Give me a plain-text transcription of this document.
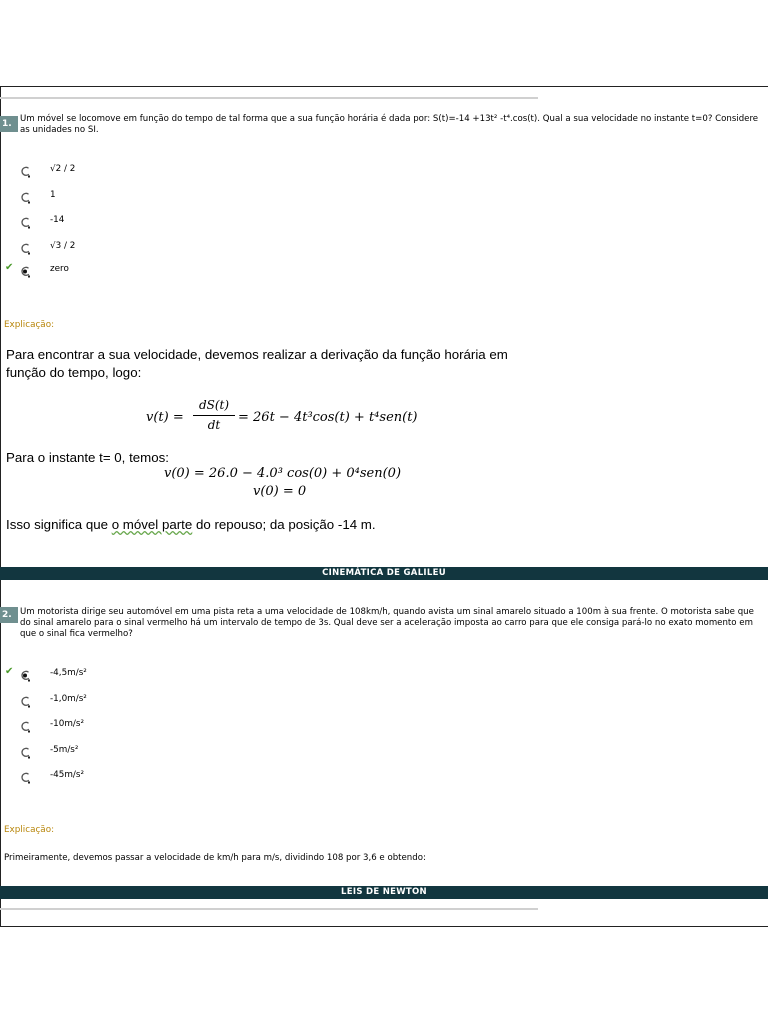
1. Um móvel se locomove em função do tempo de tal forma que a sua função horária é dada por: S(t)=-14 +13t² -t⁴.cos(t). Qual a sua velocidade no instante t=0? Considere as unidades no SI.
√2 / 2
1
-14
√3 / 2
✔	zero
Explicação:
Para encontrar a sua velocidade, devemos realizar a derivação da função horária em
função do tempo, logo:
v(t) =
dS(t)
dt	= 26t − 4t³cos(t) + t⁴sen(t)
Para o instante t= 0, temos:
v(0) = 26.0 − 4.0³ cos(0) + 0⁴sen(0)
v(0) = 0
Isso significa que o móvel parte do repouso; da posição -14 m.
CINEMÁTICA DE GALILEU
2. Um motorista dirige seu automóvel em uma pista reta a uma velocidade de 108km/h, quando avista um sinal amarelo situado a 100m à sua frente. O motorista sabe que do sinal amarelo para o sinal vermelho há um intervalo de tempo de 3s. Qual deve ser a aceleração imposta ao carro para que ele consiga pará-lo no exato momento em que o sinal fica vermelho?
✔	-4,5m/s²
-1,0m/s²
-10m/s²
-5m/s²
-45m/s²
Explicação:
Primeiramente, devemos passar a velocidade de km/h para m/s, dividindo 108 por 3,6 e obtendo:
LEIS DE NEWTON
